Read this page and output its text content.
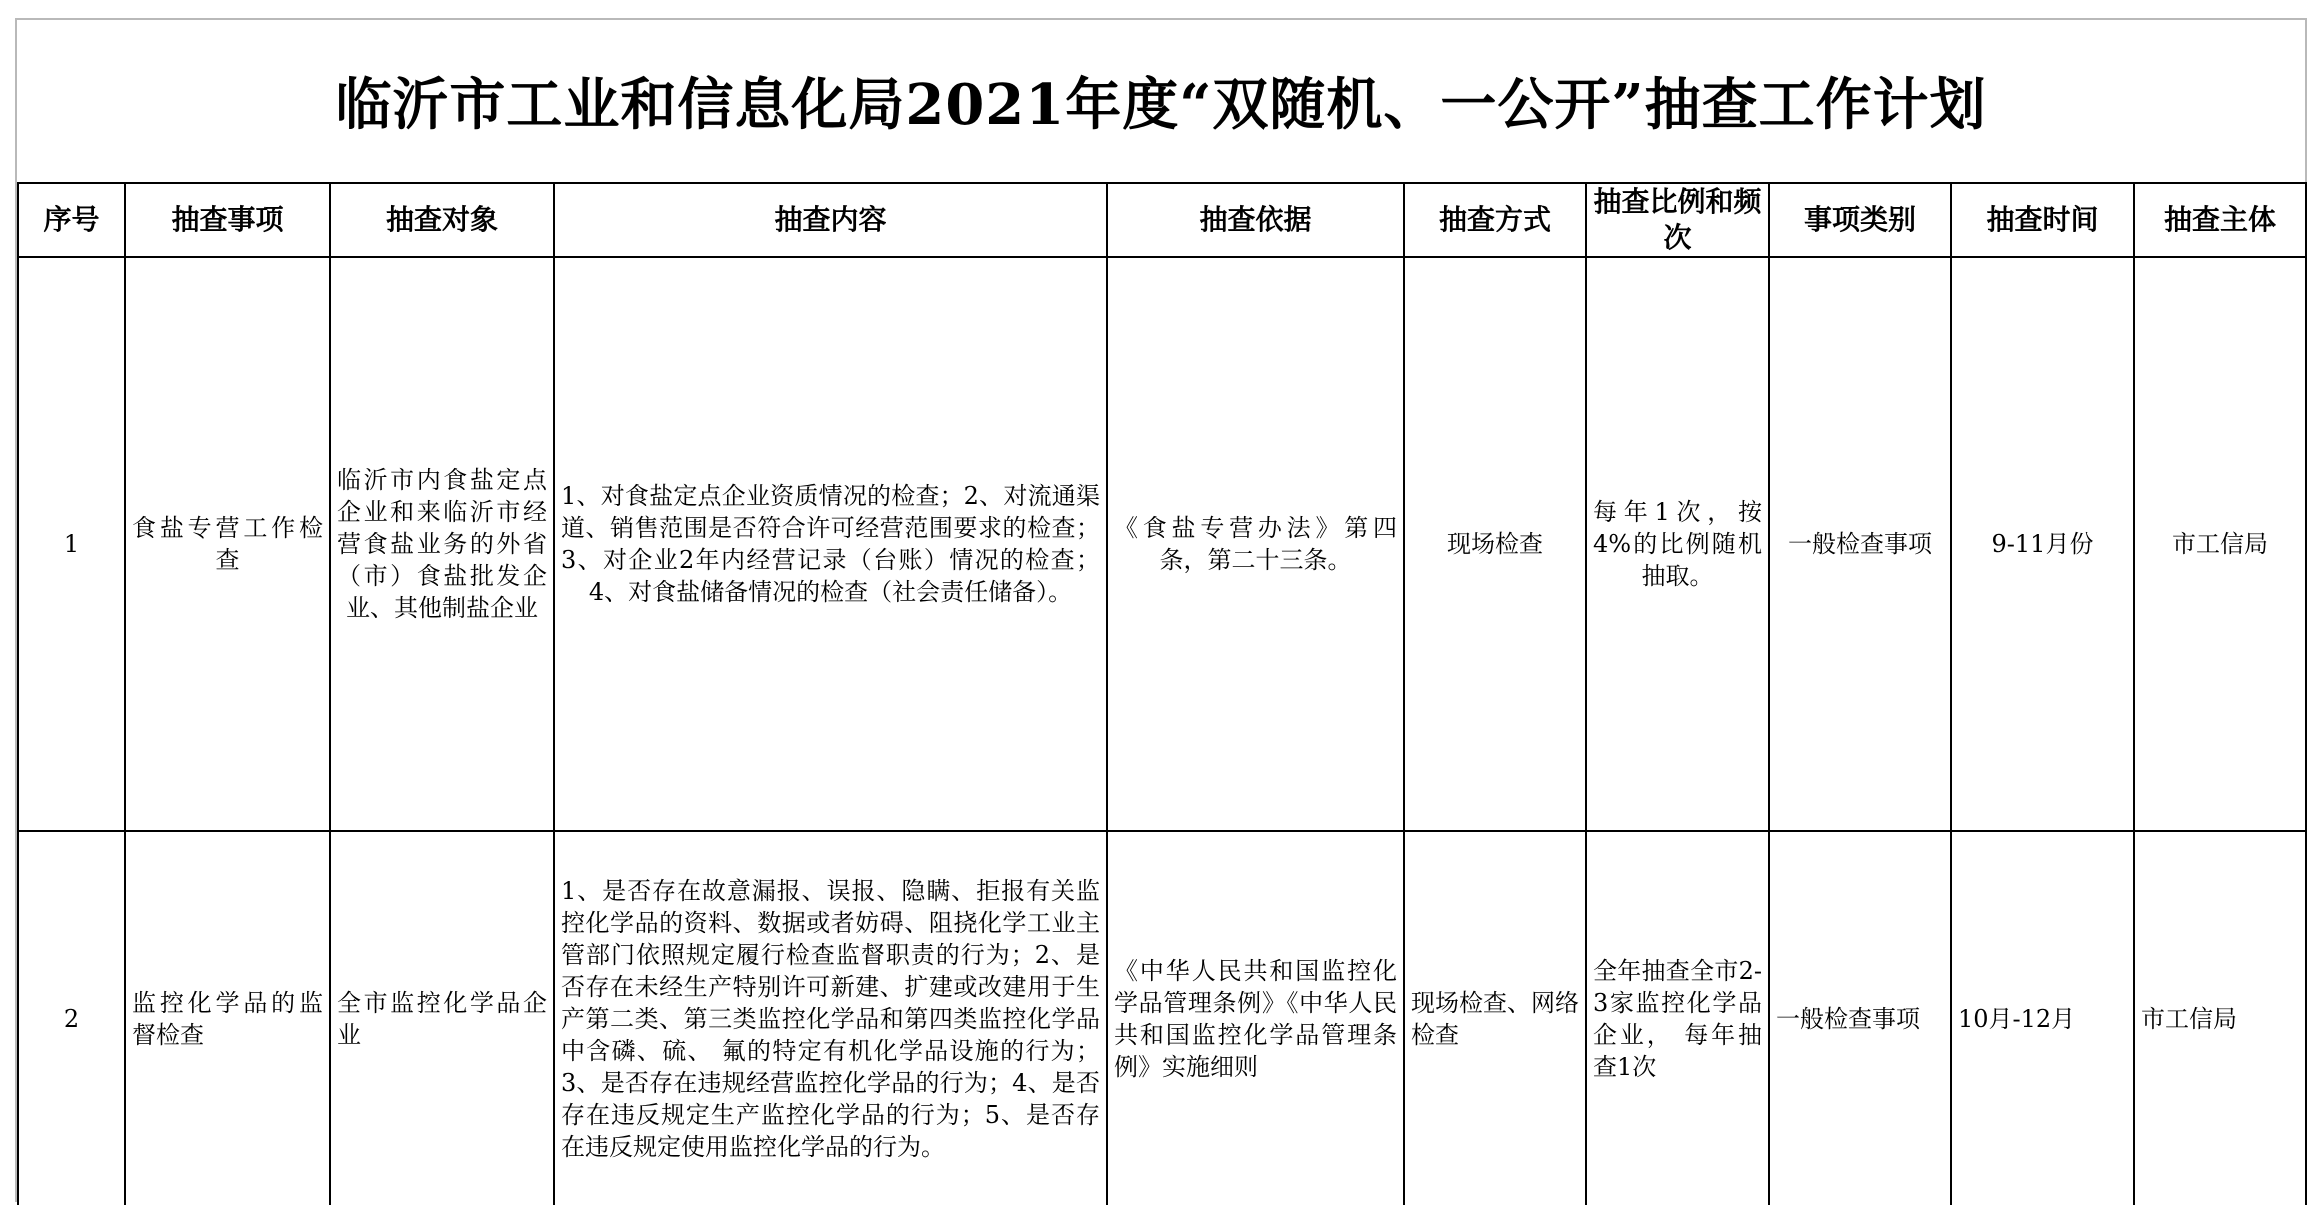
临沂市工业和信息化局2021年度“双随机、一公开”抽查工作计划
序号	抽查事项	抽查对象	抽查内容	抽查依据	抽查方式	抽查比例和频次	事项类别	抽查时间	抽查主体
1	食盐专营工作检查	临沂市内食盐定点企业和来临沂市经营食盐业务的外省（市）食盐批发企业、其他制盐企业	1、对食盐定点企业资质情况的检查；2、对流通渠道、销售范围是否符合许可经营范围要求的检查；3、对企业2年内经营记录（台账）情况的检查；4、对食盐储备情况的检查（社会责任储备）。	《食盐专营办法》第四条，第二十三条。	现场检查	每年1次，按4%的比例随机抽取。	一般检查事项	9-11月份	市工信局
2	监控化学品的监督检查	全市监控化学品企业	1、是否存在故意漏报、误报、隐瞒、拒报有关监控化学品的资料、数据或者妨碍、阻挠化学工业主管部门依照规定履行检查监督职责的行为；2、是否存在未经生产特别许可新建、扩建或改建用于生产第二类、第三类监控化学品和第四类监控化学品中含磷、硫、 氟的特定有机化学品设施的行为；3、是否存在违规经营监控化学品的行为；4、是否存在违反规定生产监控化学品的行为；5、是否存在违反规定使用监控化学品的行为。	《中华人民共和国监控化学品管理条例》《中华人民共和国监控化学品管理条例》实施细则	现场检查、网络检查	全年抽查全市2-3家监控化学品企业， 每年抽查1次	一般检查事项	10月-12月	市工信局
